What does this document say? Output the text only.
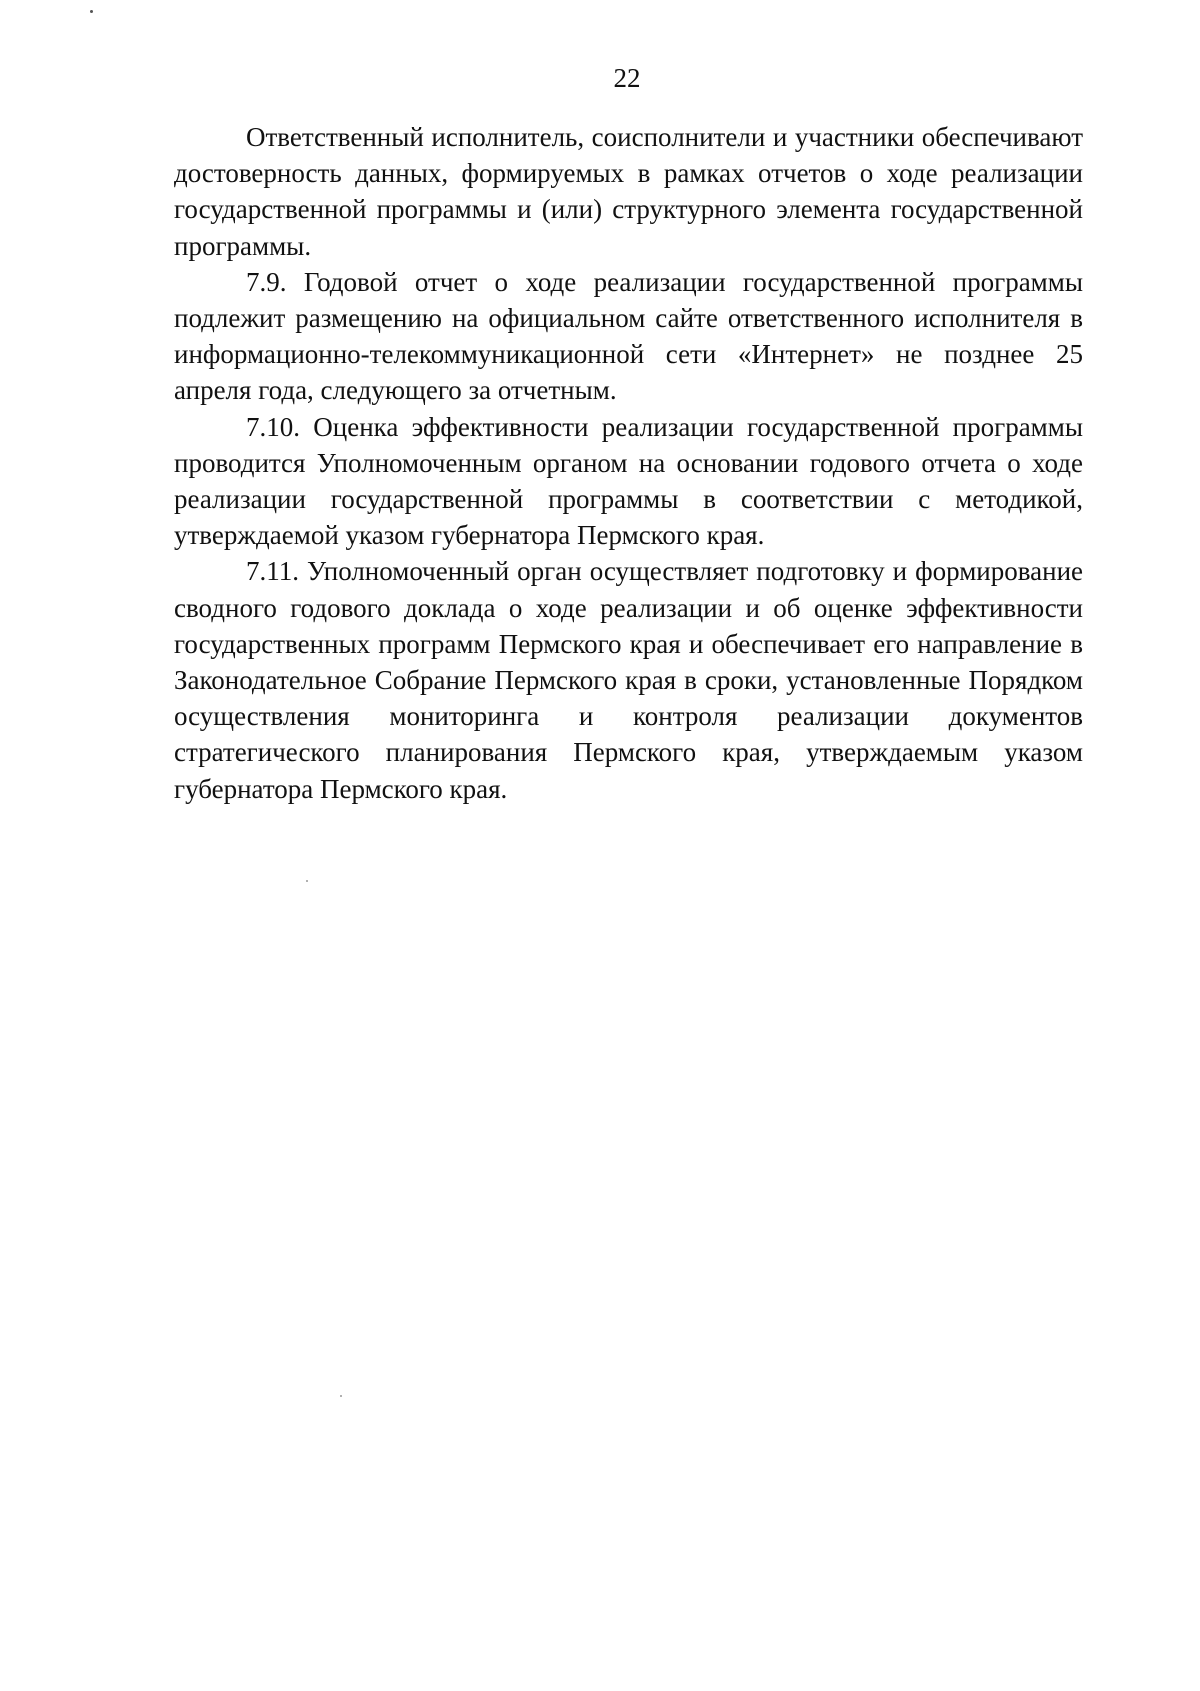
22

Ответственный исполнитель, соисполнители и участники обеспечивают достоверность данных, формируемых в рамках отчетов о ходе реализации государственной программы и (или) структурного элемента государственной программы.

7.9. Годовой отчет о ходе реализации государственной программы подлежит размещению на официальном сайте ответственного исполнителя в информационно-телекоммуникационной сети «Интернет» не позднее 25 апреля года, следующего за отчетным.

7.10. Оценка эффективности реализации государственной программы проводится Уполномоченным органом на основании годового отчета о ходе реализации государственной программы в соответствии с методикой, утверждаемой указом губернатора Пермского края.

7.11. Уполномоченный орган осуществляет подготовку и формирование сводного годового доклада о ходе реализации и об оценке эффективности государственных программ Пермского края и обеспечивает его направление в Законодательное Собрание Пермского края в сроки, установленные Порядком осуществления мониторинга и контроля реализации документов стратегического планирования Пермского края, утверждаемым указом губернатора Пермского края.
